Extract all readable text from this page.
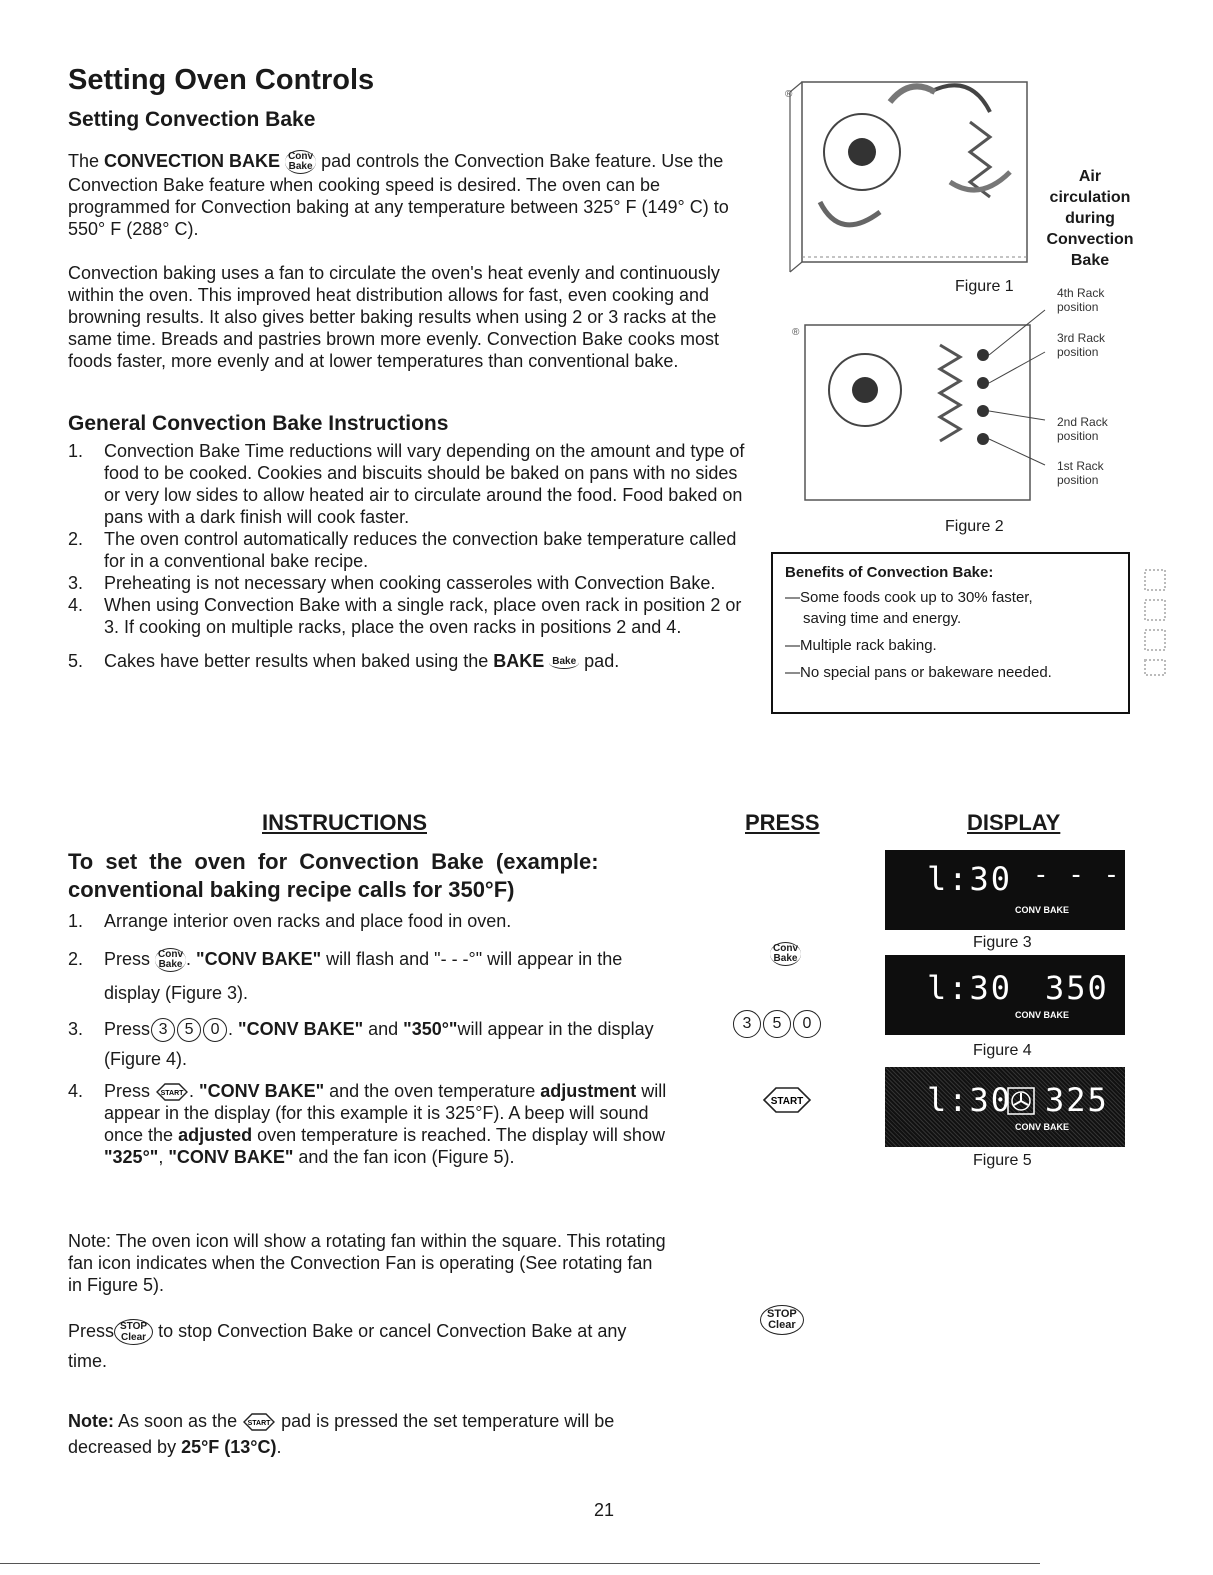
Setting Oven Controls
Setting Convection Bake
The CONVECTION BAKE Conv
Bake pad controls the Convection Bake feature. Use the Convection Bake feature when cooking speed is desired. The oven can be programmed for Convection baking at any temperature between 325° F (149° C) to 550° F (288° C).
Convection baking uses a fan to circulate the oven's heat evenly and continuously within the oven. This improved heat distribution allows for fast, even cooking and browning results. It also gives better baking results when using 2 or 3 racks at the same time. Breads and pastries brown more evenly. Convection Bake cooks most foods faster, more evenly and at lower temperatures than conventional bake.
General Convection Bake Instructions
1. Convection Bake Time reductions will vary depending on the amount and type of food to be cooked. Cookies and biscuits should be baked on pans with no sides or very low sides to allow heated air to circulate around the food. Food baked on pans with a dark finish will cook faster.
2. The oven control automatically reduces the convection bake temperature called for in a conventional bake recipe.
3. Preheating is not necessary when cooking casseroles with Convection Bake.
4. When using Convection Bake with a single rack, place oven rack in position 2 or 3. If cooking on multiple racks, place the oven racks in positions 2 and 4.
5. Cakes have better results when baked using the BAKE Bake pad.
®
Figure 1
Air
circulation
during
Convection
Bake
®
4th Rack
position
3rd Rack
position
2nd Rack
position
1st Rack
position
Figure 2
Benefits of Convection Bake:
—Some foods cook up to 30% faster,
saving time and energy.
—Multiple rack baking.
—No special pans or bakeware needed.
INSTRUCTIONS	PRESS	DISPLAY
To set the oven for Convection Bake (example:
conventional baking recipe calls for 350°F)
1. Arrange interior oven racks and place food in oven.
2. Press Conv
Bake . "CONV BAKE" will flash and "- - -°" will appear in the display (Figure 3).
3. Press 3 5 0 . "CONV BAKE" and "350°"will appear in the display (Figure 4).
4. Press START . "CONV BAKE" and the oven temperature adjustment will appear in the display (for this example it is 325°F). A beep will sound once the adjusted oven temperature is reached. The display will show "325°", "CONV BAKE" and the fan icon (Figure 5).
Note: The oven icon will show a rotating fan within the square. This rotating fan icon indicates when the Convection Fan is operating (See rotating fan in Figure 5).
Press STOP
Clear to stop Convection Bake or cancel Convection Bake at any time.
Note: As soon as the START pad is pressed the set temperature will be decreased by 25°F (13°C).
Conv
Bake
3 5 0
START
STOP
Clear
l:30 - - -
CONV BAKE
Figure 3
l:30 350
CONV BAKE
Figure 4
l:30 325
CONV BAKE
Figure 5
21
